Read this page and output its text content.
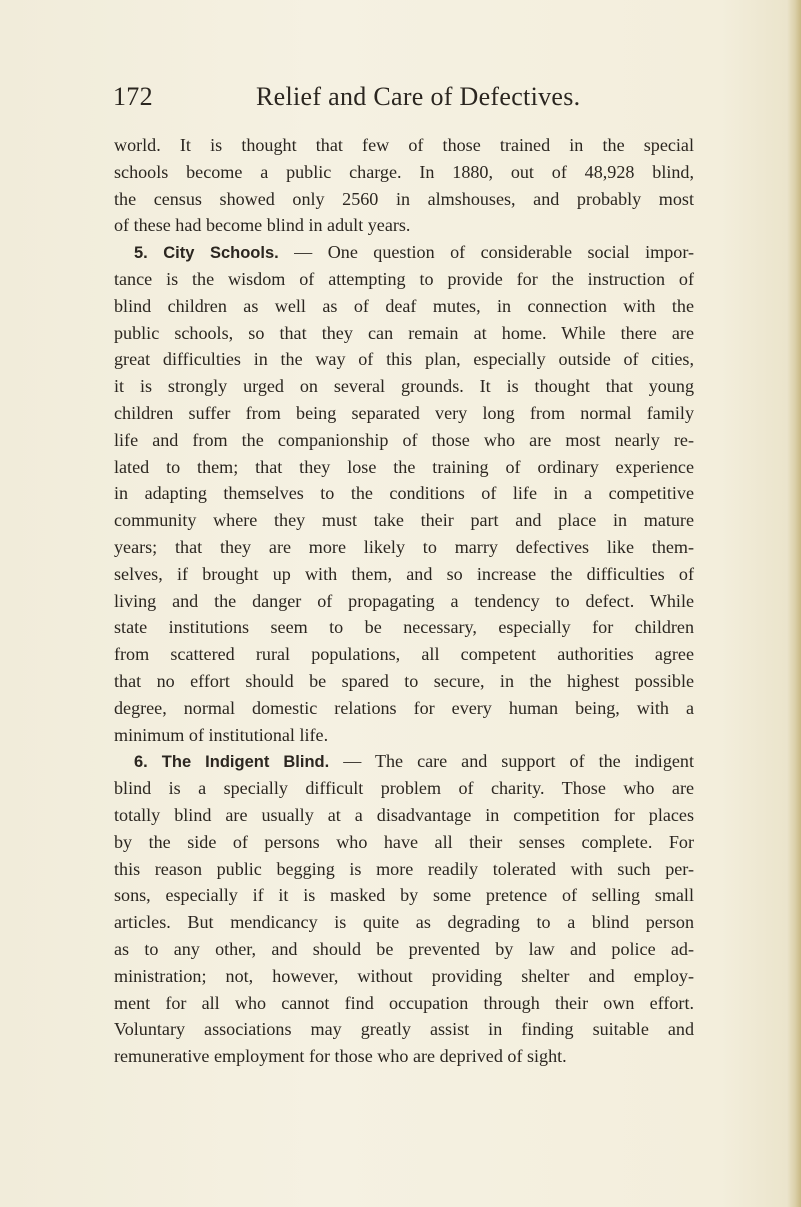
172	Relief and Care of Defectives.
world. It is thought that few of those trained in the special
schools become a public charge. In 1880, out of 48,928 blind,
the census showed only 2560 in almshouses, and probably most
of these had become blind in adult years.
5. City Schools. — One question of considerable social impor-
tance is the wisdom of attempting to provide for the instruction of
blind children as well as of deaf mutes, in connection with the
public schools, so that they can remain at home. While there are
great difficulties in the way of this plan, especially outside of cities,
it is strongly urged on several grounds. It is thought that young
children suffer from being separated very long from normal family
life and from the companionship of those who are most nearly re-
lated to them; that they lose the training of ordinary experience
in adapting themselves to the conditions of life in a competitive
community where they must take their part and place in mature
years; that they are more likely to marry defectives like them-
selves, if brought up with them, and so increase the difficulties of
living and the danger of propagating a tendency to defect. While
state institutions seem to be necessary, especially for children
from scattered rural populations, all competent authorities agree
that no effort should be spared to secure, in the highest possible
degree, normal domestic relations for every human being, with a
minimum of institutional life.
6. The Indigent Blind. — The care and support of the indigent
blind is a specially difficult problem of charity. Those who are
totally blind are usually at a disadvantage in competition for places
by the side of persons who have all their senses complete. For
this reason public begging is more readily tolerated with such per-
sons, especially if it is masked by some pretence of selling small
articles. But mendicancy is quite as degrading to a blind person
as to any other, and should be prevented by law and police ad-
ministration; not, however, without providing shelter and employ-
ment for all who cannot find occupation through their own effort.
Voluntary associations may greatly assist in finding suitable and
remunerative employment for those who are deprived of sight.
